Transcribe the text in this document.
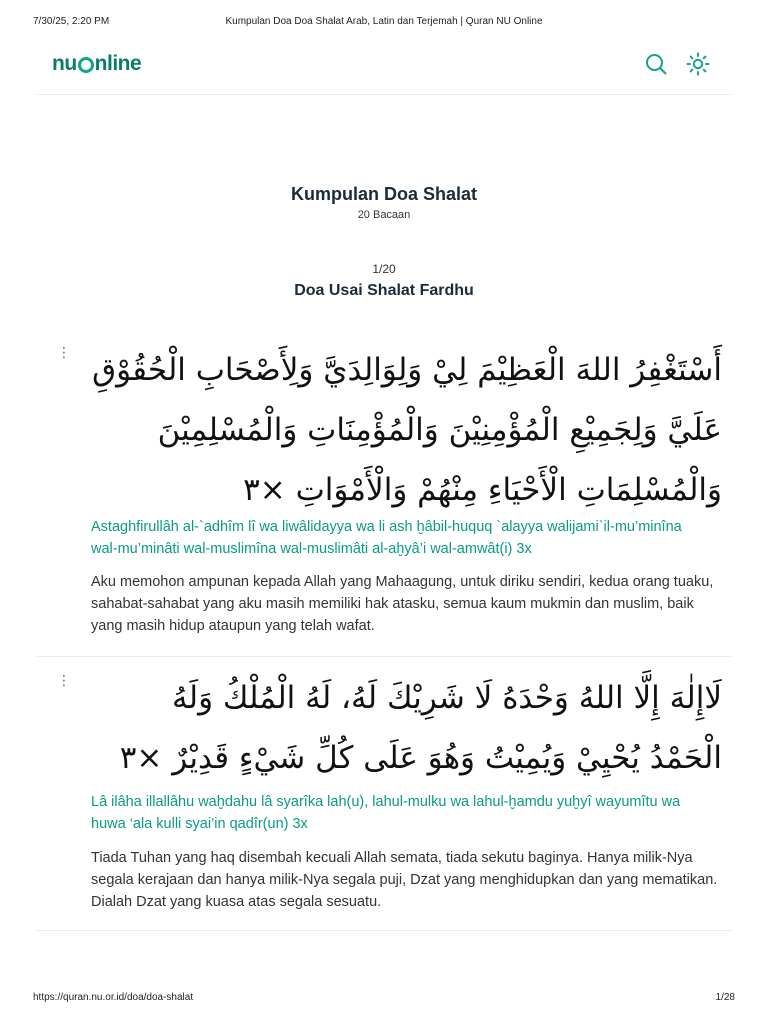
7/30/25, 2:20 PM	Kumpulan Doa Doa Shalat Arab, Latin dan Terjemah | Quran NU Online
nu nline
Kumpulan Doa Shalat
20 Bacaan
1/20
Doa Usai Shalat Fardhu
⋮ أَسْتَغْفِرُ اللهَ الْعَظِيْمَ لِيْ وَلِوَالِدَيَّ وَلِأَصْحَابِ الْحُقُوْقِ عَلَيَّ وَلِجَمِيْعِ الْمُؤْمِنِيْنَ وَالْمُؤْمِنَاتِ وَالْمُسْلِمِيْنَ وَالْمُسْلِمَاتِ الْأَحْيَاءِ مِنْهُمْ وَالْأَمْوَاتِ ×٣
Astaghfirullâh al-`adhîm lî wa liwâlidayya wa li ash ḫâbil-huquq `alayya walijami`il-mu’minîna wal-mu’minâti wal-muslimîna wal-muslimâti al-aḫyâ’i wal-amwât(i) 3x
Aku memohon ampunan kepada Allah yang Mahaagung, untuk diriku sendiri, kedua orang tuaku, sahabat-sahabat yang aku masih memiliki hak atasku, semua kaum mukmin dan muslim, baik yang masih hidup ataupun yang telah wafat.
⋮	لَاإِلٰهَ إِلَّا اللهُ وَحْدَهُ لَا شَرِيْكَ لَهُ، لَهُ الْمُلْكُ وَلَهُ الْحَمْدُ يُحْيِيْ وَيُمِيْتُ وَهُوَ عَلَى كُلِّ شَيْءٍ قَدِيْرٌ ×٣
Lâ ilâha illallâhu waḫdahu lâ syarîka lah(u), lahul-mulku wa lahul-ḫamdu yuḫyî wayumîtu wa huwa ‘ala kulli syai’in qadîr(un) 3x
Tiada Tuhan yang haq disembah kecuali Allah semata, tiada sekutu baginya. Hanya milik-Nya segala kerajaan dan hanya milik-Nya segala puji, Dzat yang menghidupkan dan yang mematikan. Dialah Dzat yang kuasa atas segala sesuatu.
https://quran.nu.or.id/doa/doa-shalat	1/28
